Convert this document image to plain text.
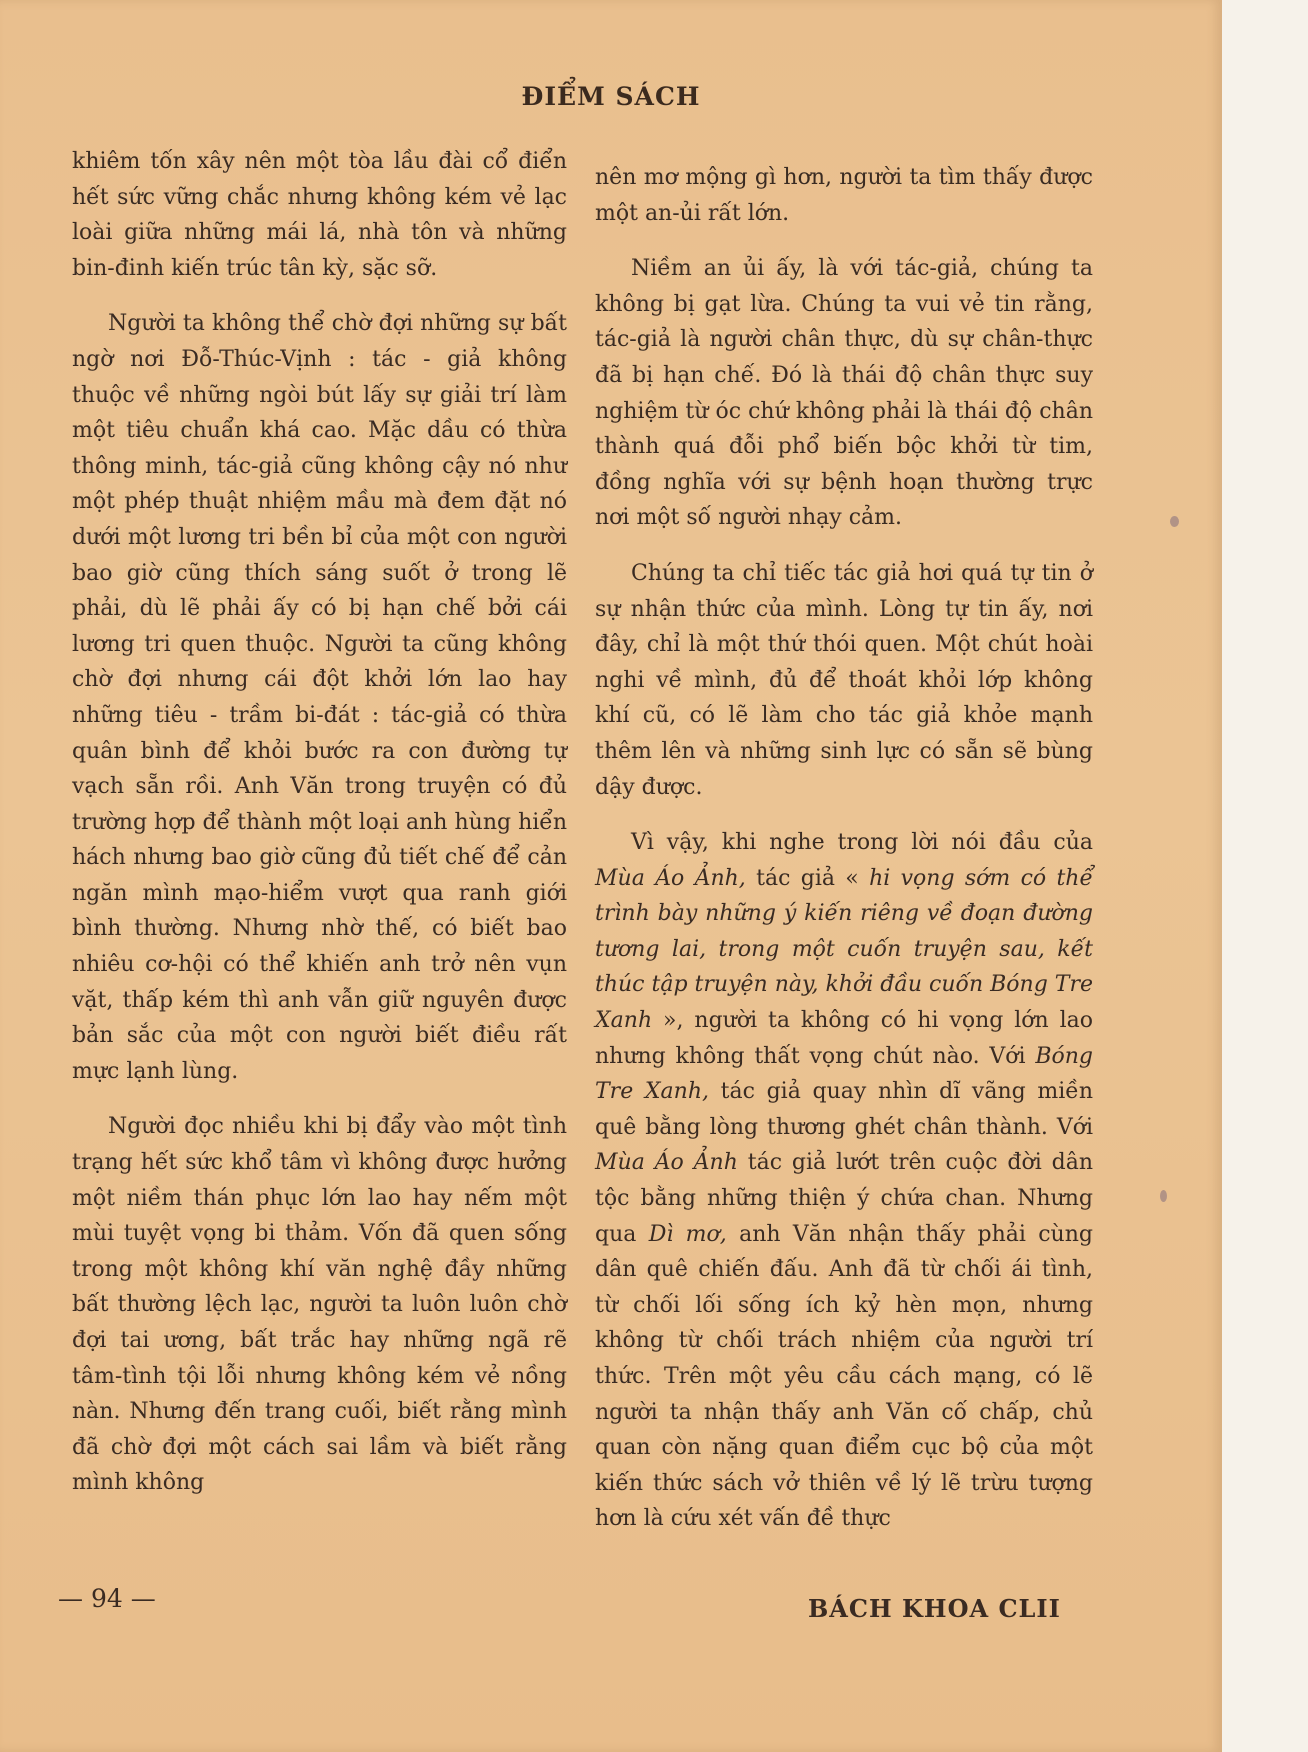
ĐIỂM SÁCH

khiêm tốn xây nên một tòa lầu đài cổ điển hết sức vững chắc nhưng không kém vẻ lạc loài giữa những mái lá, nhà tôn và những bin-đinh kiến trúc tân kỳ, sặc sỡ.

Người ta không thể chờ đợi những sự bất ngờ nơi Đỗ-Thúc-Vịnh : tác - giả không thuộc về những ngòi bút lấy sự giải trí làm một tiêu chuẩn khá cao. Mặc dầu có thừa thông minh, tác-giả cũng không cậy nó như một phép thuật nhiệm mầu mà đem đặt nó dưới một lương tri bền bỉ của một con người bao giờ cũng thích sáng suốt ở trong lẽ phải, dù lẽ phải ấy có bị hạn chế bởi cái lương tri quen thuộc. Người ta cũng không chờ đợi nhưng cái đột khởi lớn lao hay những tiêu - trầm bi-đát : tác-giả có thừa quân bình để khỏi bước ra con đường tự vạch sẵn rồi. Anh Văn trong truyện có đủ trường hợp để thành một loại anh hùng hiển hách nhưng bao giờ cũng đủ tiết chế để cản ngăn mình mạo-hiểm vượt qua ranh giới bình thường. Nhưng nhờ thế, có biết bao nhiêu cơ-hội có thể khiến anh trở nên vụn vặt, thấp kém thì anh vẫn giữ nguyên được bản sắc của một con người biết điều rất mực lạnh lùng.

Người đọc nhiều khi bị đẩy vào một tình trạng hết sức khổ tâm vì không được hưởng một niềm thán phục lớn lao hay nếm một mùi tuyệt vọng bi thảm. Vốn đã quen sống trong một không khí văn nghệ đầy những bất thường lệch lạc, người ta luôn luôn chờ đợi tai ương, bất trắc hay những ngã rẽ tâm-tình tội lỗi nhưng không kém vẻ nồng nàn. Nhưng đến trang cuối, biết rằng mình đã chờ đợi một cách sai lầm và biết rằng mình không

nên mơ mộng gì hơn, người ta tìm thấy được một an-ủi rất lớn.

Niềm an ủi ấy, là với tác-giả, chúng ta không bị gạt lừa. Chúng ta vui vẻ tin rằng, tác-giả là người chân thực, dù sự chân-thực đã bị hạn chế. Đó là thái độ chân thực suy nghiệm từ óc chứ không phải là thái độ chân thành quá đỗi phổ biến bộc khởi từ tim, đồng nghĩa với sự bệnh hoạn thường trực nơi một số người nhạy cảm.

Chúng ta chỉ tiếc tác giả hơi quá tự tin ở sự nhận thức của mình. Lòng tự tin ấy, nơi đây, chỉ là một thứ thói quen. Một chút hoài nghi về mình, đủ để thoát khỏi lớp không khí cũ, có lẽ làm cho tác giả khỏe mạnh thêm lên và những sinh lực có sẵn sẽ bùng dậy được.

Vì vậy, khi nghe trong lời nói đầu của Mùa Áo Ảnh, tác giả « hi vọng sớm có thể trình bày những ý kiến riêng về đoạn đường tương lai, trong một cuốn truyện sau, kết thúc tập truyện này, khởi đầu cuốn Bóng Tre Xanh », người ta không có hi vọng lớn lao nhưng không thất vọng chút nào. Với Bóng Tre Xanh, tác giả quay nhìn dĩ vãng miền quê bằng lòng thương ghét chân thành. Với Mùa Áo Ảnh tác giả lướt trên cuộc đời dân tộc bằng những thiện ý chứa chan. Nhưng qua Dì mơ, anh Văn nhận thấy phải cùng dân quê chiến đấu. Anh đã từ chối ái tình, từ chối lối sống ích kỷ hèn mọn, nhưng không từ chối trách nhiệm của người trí thức. Trên một yêu cầu cách mạng, có lẽ người ta nhận thấy anh Văn cố chấp, chủ quan còn nặng quan điểm cục bộ của một kiến thức sách vở thiên về lý lẽ trừu tượng hơn là cứu xét vấn đề thực

— 94 —	BÁCH KHOA CLII
